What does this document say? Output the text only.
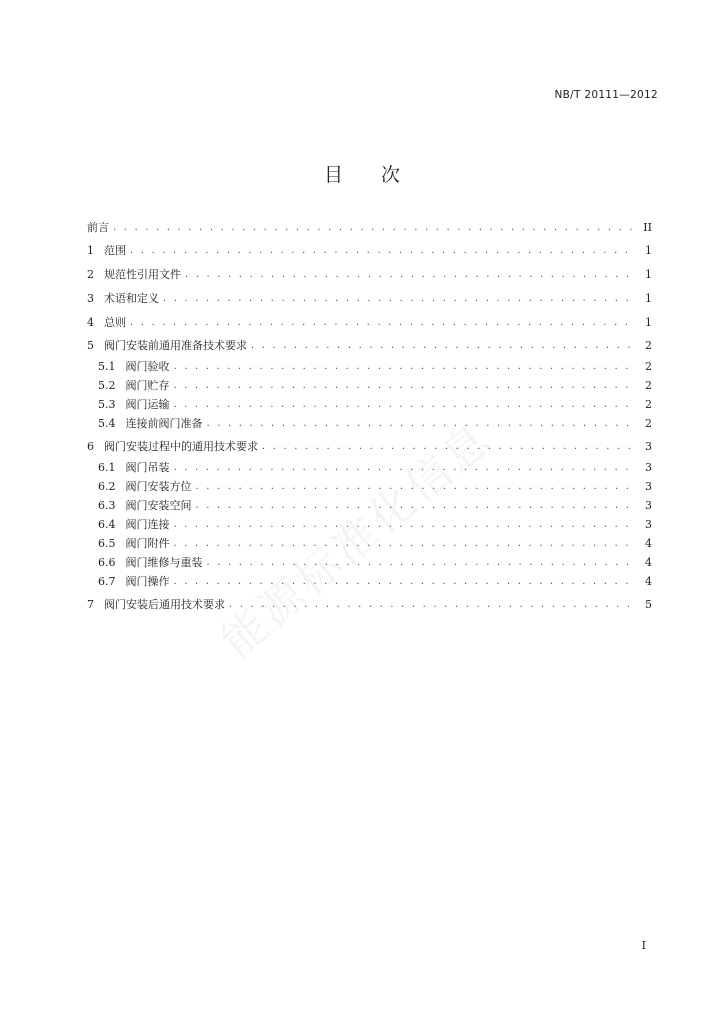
NB/T 20111—2012
目 次
能源标准化信息
前言 . . .	II
1 范围 . . .	1
2 规范性引用文件 . . .	1
3 术语和定义 . . .	1
4 总则 . . .	1
5 阀门安装前通用准备技术要求 . . .	2
5.1 阀门验收 . . .	2
5.2 阀门贮存 . . .	2
5.3 阀门运输 . . .	2
5.4 连接前阀门准备 . . .	2
6 阀门安装过程中的通用技术要求 . . .	3
6.1 阀门吊装 . . .	3
6.2 阀门安装方位 . . .	3
6.3 阀门安装空间 . . .	3
6.4 阀门连接 . . .	3
6.5 阀门附件 . . .	4
6.6 阀门维修与重装 . . .	4
6.7 阀门操作 . . .	4
7 阀门安装后通用技术要求 . . .	5
I
